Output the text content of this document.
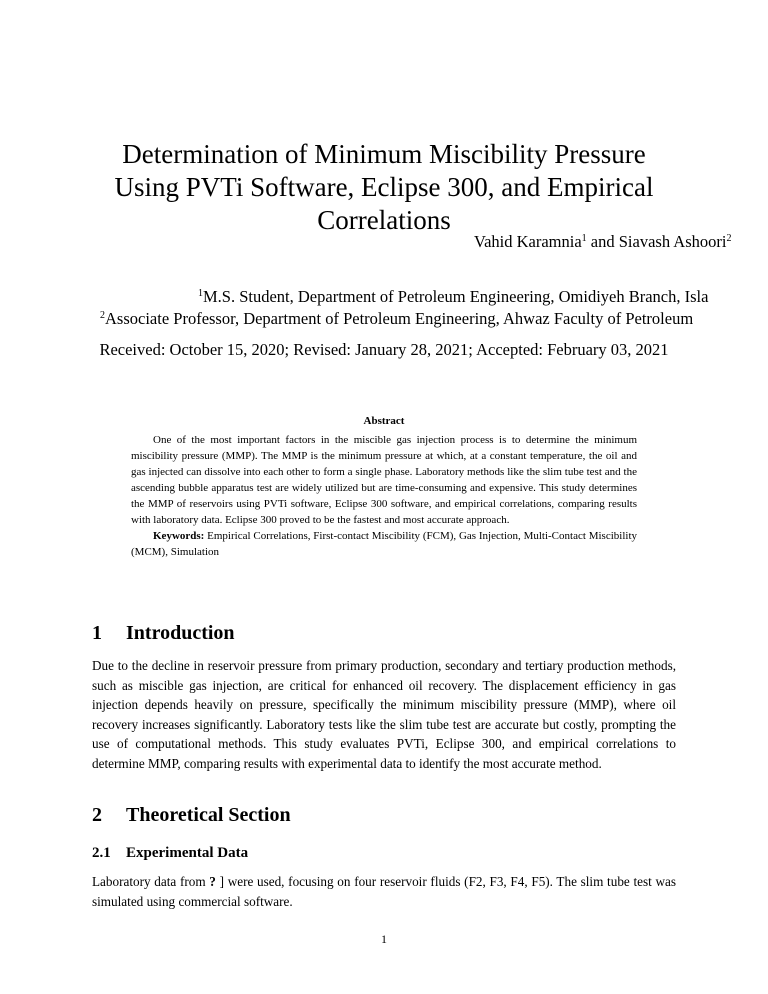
Determination of Minimum Miscibility Pressure
Using PVTi Software, Eclipse 300, and Empirical
Correlations
Vahid Karamnia$^1$ and Siavash Ashoori$^2$
$^1$M.S. Student, Department of Petroleum Engineering, Omidiyeh Branch, Isla
$^2$Associate Professor, Department of Petroleum Engineering, Ahwaz Faculty of Petroleum
Received: October 15, 2020; Revised: January 28, 2021; Accepted: February 03, 2021
Abstract

One of the most important factors in the miscible gas injection process is to determine the minimum miscibility pressure (MMP). The MMP is the minimum pressure at which, at a constant temperature, the oil and gas injected can dissolve into each other to form a single phase. Laboratory methods like the slim tube test and the ascending bubble apparatus test are widely utilized but are time-consuming and expensive. This study determines the MMP of reservoirs using PVTi software, Eclipse 300 software, and empirical correlations, comparing results with laboratory data. Eclipse 300 proved to be the fastest and most accurate approach.

Keywords: Empirical Correlations, First-contact Miscibility (FCM), Gas Injection, Multi-Contact Miscibility (MCM), Simulation

1 Introduction

Due to the decline in reservoir pressure from primary production, secondary and tertiary production methods, such as miscible gas injection, are critical for enhanced oil recovery. The displacement efficiency in gas injection depends heavily on pressure, specifically the minimum miscibility pressure (MMP), where oil recovery increases significantly. Laboratory tests like the slim tube test are accurate but costly, prompting the use of computational methods. This study evaluates PVTi, Eclipse 300, and empirical correlations to determine MMP, comparing results with experimental data to identify the most accurate method.

2 Theoretical Section
2.1 Experimental Data

Laboratory data from ? ] were used, focusing on four reservoir fluids (F2, F3, F4, F5). The slim tube test was simulated using commercial software.

1
